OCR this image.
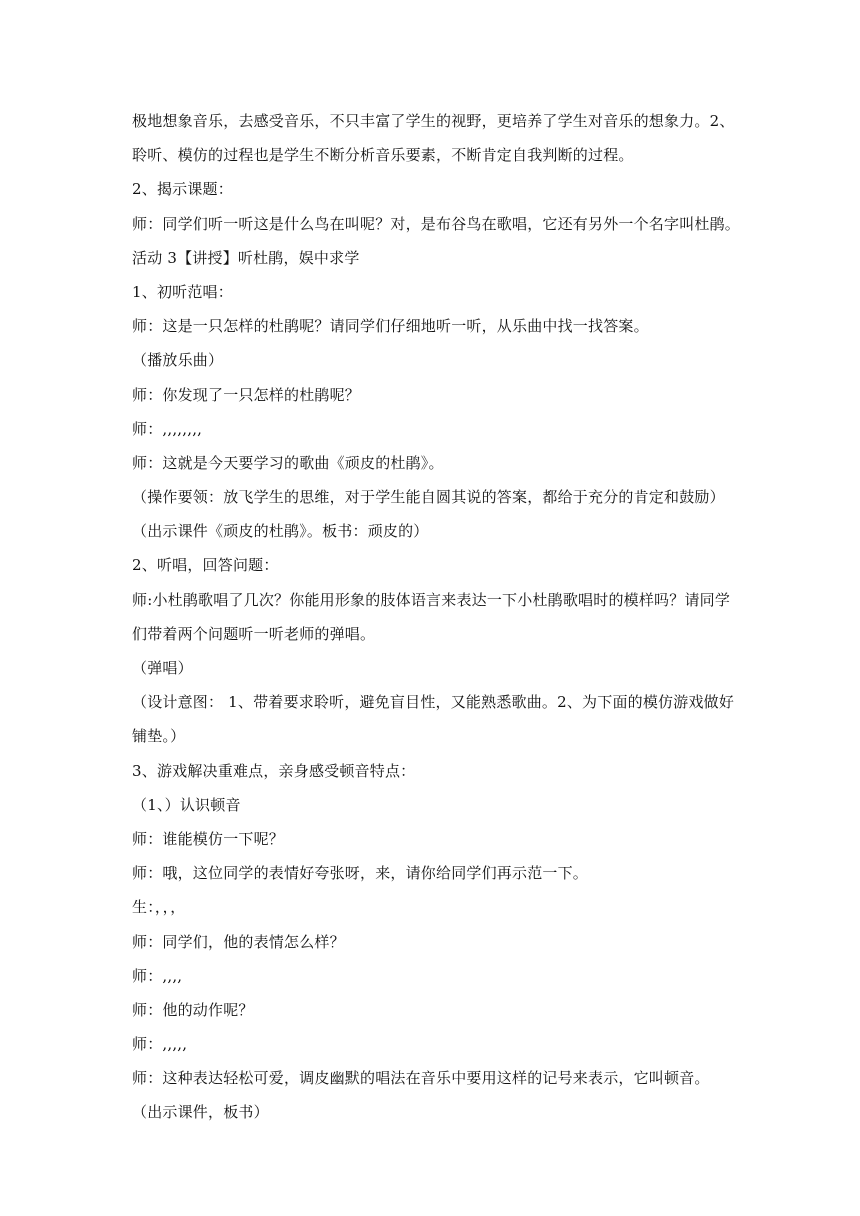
极地想象音乐，去感受音乐，不只丰富了学生的视野，更培养了学生对音乐的想象力。2、
聆听、模仿的过程也是学生不断分析音乐要素，不断肯定自我判断的过程。
2、揭示课题：
师：同学们听一听这是什么鸟在叫呢？对，是布谷鸟在歌唱，它还有另外一个名字叫杜鹃。
活动 3【讲授】听杜鹃，娱中求学
1、初听范唱：
师：这是一只怎样的杜鹃呢？请同学们仔细地听一听，从乐曲中找一找答案。
（播放乐曲）
师：你发现了一只怎样的杜鹃呢？
师：,,,,,,,,
师：这就是今天要学习的歌曲《顽皮的杜鹃》。
（操作要领：放飞学生的思维，对于学生能自圆其说的答案，都给于充分的肯定和鼓励）
（出示课件《顽皮的杜鹃》。板书：顽皮的）
2、听唱，回答问题：
师:小杜鹃歌唱了几次？你能用形象的肢体语言来表达一下小杜鹃歌唱时的模样吗？请同学
们带着两个问题听一听老师的弹唱。
（弹唱）
（设计意图： 1、带着要求聆听，避免盲目性，又能熟悉歌曲。2、为下面的模仿游戏做好
铺垫。）
3、游戏解决重难点，亲身感受顿音特点：
（1、）认识顿音
师：谁能模仿一下呢？
师：哦，这位同学的表情好夸张呀，来，请你给同学们再示范一下。
生：，，，
师：同学们，他的表情怎么样？
师：,,,,
师：他的动作呢？
师：,,,,,
师：这种表达轻松可爱，调皮幽默的唱法在音乐中要用这样的记号来表示，它叫顿音。
（出示课件，板书）
